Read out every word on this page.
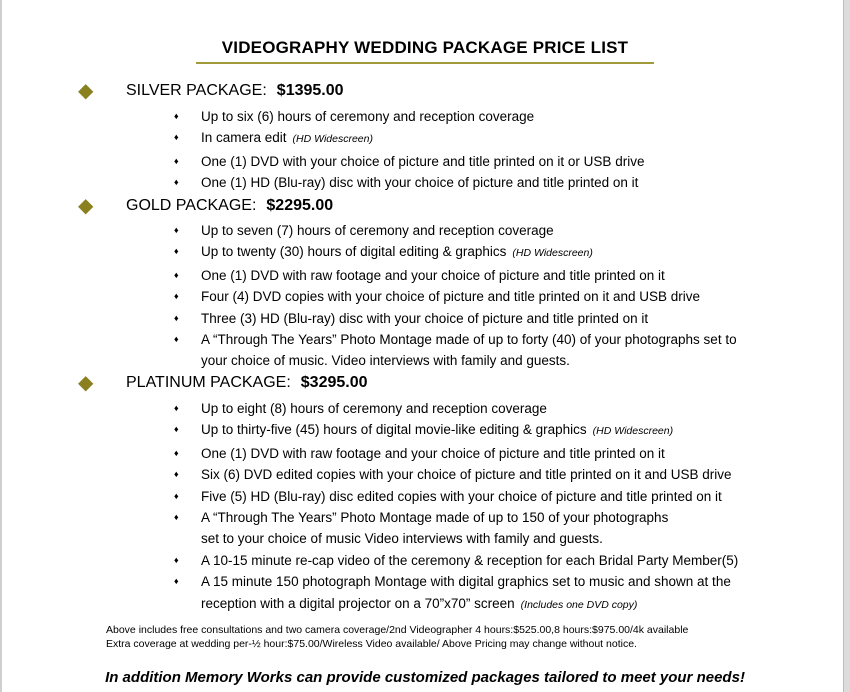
VIDEOGRAPHY WEDDING PACKAGE PRICE LIST
◆ SILVER PACKAGE: $1395.00
♦ Up to six (6) hours of ceremony and reception coverage
♦ In camera edit (HD Widescreen)
♦ One (1) DVD with your choice of picture and title printed on it or USB drive
♦ One (1) HD (Blu-ray) disc with your choice of picture and title printed on it
◆ GOLD PACKAGE: $2295.00
♦ Up to seven (7) hours of ceremony and reception coverage
♦ Up to twenty (30) hours of digital editing & graphics (HD Widescreen)
♦ One (1) DVD with raw footage and your choice of picture and title printed on it
♦ Four (4) DVD copies with your choice of picture and title printed on it and USB drive
♦ Three (3) HD (Blu-ray) disc with your choice of picture and title printed on it
♦ A “Through The Years” Photo Montage made of up to forty (40) of your photographs set to
your choice of music. Video interviews with family and guests.
◆ PLATINUM PACKAGE: $3295.00
♦ Up to eight (8) hours of ceremony and reception coverage
♦ Up to thirty-five (45) hours of digital movie-like editing & graphics (HD Widescreen)
♦ One (1) DVD with raw footage and your choice of picture and title printed on it
♦ Six (6) DVD edited copies with your choice of picture and title printed on it and USB drive
♦ Five (5) HD (Blu-ray) disc edited copies with your choice of picture and title printed on it
♦ A “Through The Years” Photo Montage made of up to 150 of your photographs
set to your choice of music Video interviews with family and guests.
♦ A 10-15 minute re-cap video of the ceremony & reception for each Bridal Party Member(5)
♦ A 15 minute 150 photograph Montage with digital graphics set to music and shown at the
reception with a digital projector on a 70”x70” screen (Includes one DVD copy)
Above includes free consultations and two camera coverage/2nd Videographer 4 hours:$525.00,8 hours:$975.00/4k available
Extra coverage at wedding per-½ hour:$75.00/Wireless Video available/ Above Pricing may change without notice.
In addition Memory Works can provide customized packages tailored to meet your needs!
